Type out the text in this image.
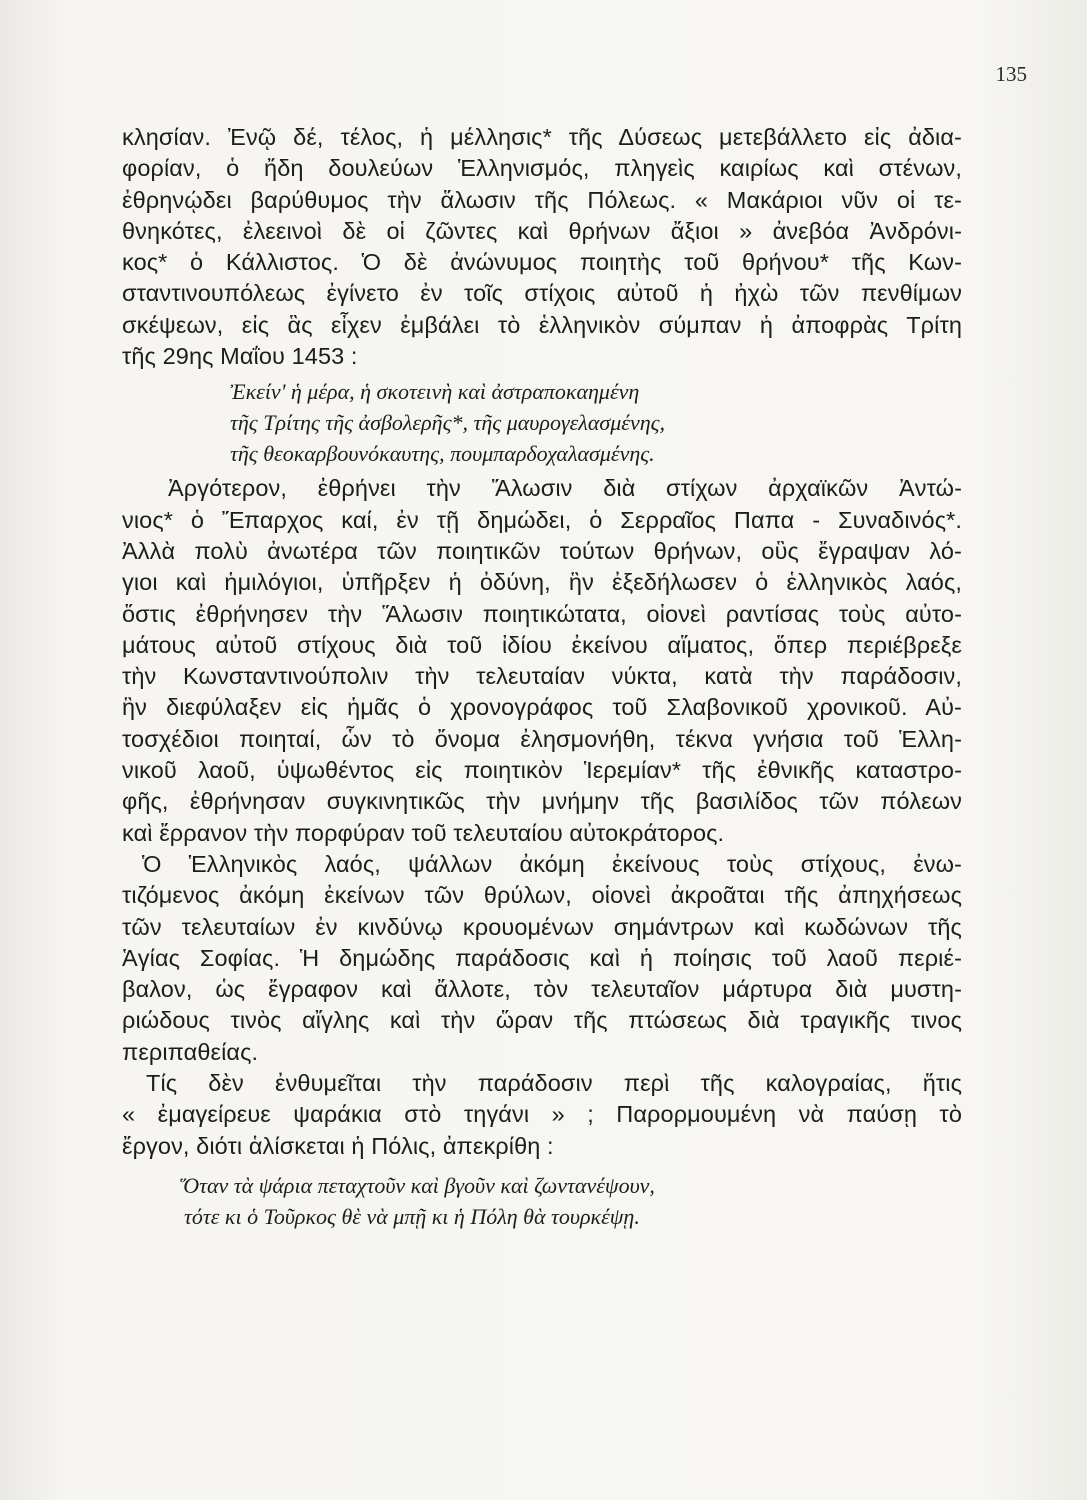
135
κλησίαν. Ἐνῷ δέ, τέλος, ἡ μέλλησις* τῆς Δύσεως μετεβάλλετο εἰς ἀδια-
φορίαν, ὁ ἤδη δουλεύων Ἑλληνισμός, πληγεὶς καιρίως καὶ στένων,
ἐθρηνῴδει βαρύθυμος τὴν ἅλωσιν τῆς Πόλεως. « Μακάριοι νῦν οἱ τε-
θνηκότες, ἐλεεινοὶ δὲ οἱ ζῶντες καὶ θρήνων ἄξιοι » ἀνεβόα Ἀνδρόνι-
κος* ὁ Κάλλιστος. Ὁ δὲ ἀνώνυμος ποιητὴς τοῦ θρήνου* τῆς Κων-
σταντινουπόλεως ἐγίνετο ἐν τοῖς στίχοις αὐτοῦ ἡ ἠχὼ τῶν πενθίμων
σκέψεων, εἰς ἃς εἶχεν ἐμβάλει τὸ ἑλληνικὸν σύμπαν ἡ ἀποφρὰς Τρίτη
τῆς 29ης Μαΐου 1453 :
Ἐκείν' ἡ μέρα, ἡ σκοτεινὴ καὶ ἀστραποκαημένη
τῆς Τρίτης τῆς ἀσβολερῆς*, τῆς μαυρογελασμένης,
τῆς θεοκαρβουνόκαυτης, πουμπαρδοχαλασμένης.
Ἀργότερον, ἐθρήνει τὴν Ἅλωσιν διὰ στίχων ἀρχαϊκῶν Ἀντώ-
νιος* ὁ Ἔπαρχος καί, ἐν τῇ δημώδει, ὁ Σερραῖος Παπα - Συναδινός*.
Ἀλλὰ πολὺ ἀνωτέρα τῶν ποιητικῶν τούτων θρήνων, οὓς ἔγραψαν λό-
γιοι καὶ ἡμιλόγιοι, ὑπῆρξεν ἡ ὀδύνη, ἣν ἐξεδήλωσεν ὁ ἑλληνικὸς λαός,
ὅστις ἐθρήνησεν τὴν Ἅλωσιν ποιητικώτατα, οἱονεὶ ραντίσας τοὺς αὐτο-
μάτους αὐτοῦ στίχους διὰ τοῦ ἰδίου ἐκείνου αἵματος, ὅπερ περιέβρεξε
τὴν Κωνσταντινούπολιν τὴν τελευταίαν νύκτα, κατὰ τὴν παράδοσιν,
ἣν διεφύλαξεν εἰς ἡμᾶς ὁ χρονογράφος τοῦ Σλαβονικοῦ χρονικοῦ. Αὐ-
τοσχέδιοι ποιηταί, ὧν τὸ ὄνομα ἐλησμονήθη, τέκνα γνήσια τοῦ Ἑλλη-
νικοῦ λαοῦ, ὑψωθέντος εἰς ποιητικὸν Ἱερεμίαν* τῆς ἐθνικῆς καταστρο-
φῆς, ἐθρήνησαν συγκινητικῶς τὴν μνήμην τῆς βασιλίδος τῶν πόλεων
καὶ ἔρρανον τὴν πορφύραν τοῦ τελευταίου αὐτοκράτορος.
Ὁ Ἑλληνικὸς λαός, ψάλλων ἀκόμη ἐκείνους τοὺς στίχους, ἐνω-
τιζόμενος ἀκόμη ἐκείνων τῶν θρύλων, οἱονεὶ ἀκροᾶται τῆς ἀπηχήσεως
τῶν τελευταίων ἐν κινδύνῳ κρουομένων σημάντρων καὶ κωδώνων τῆς
Ἁγίας Σοφίας. Ἡ δημώδης παράδοσις καὶ ἡ ποίησις τοῦ λαοῦ περιέ-
βαλον, ὡς ἔγραφον καὶ ἄλλοτε, τὸν τελευταῖον μάρτυρα διὰ μυστη-
ριώδους τινὸς αἴγλης καὶ τὴν ὥραν τῆς πτώσεως διὰ τραγικῆς τινος
περιπαθείας.
Τίς δὲν ἐνθυμεῖται τὴν παράδοσιν περὶ τῆς καλογραίας, ἥτις
« ἐμαγείρευε ψαράκια στὸ τηγάνι » ; Παρορμουμένη νὰ παύσῃ τὸ
ἔργον, διότι ἁλίσκεται ἡ Πόλις, ἀπεκρίθη :
Ὅταν τὰ ψάρια πεταχτοῦν καὶ βγοῦν καὶ ζωντανέψουν,
τότε κι ὁ Τοῦρκος θὲ νὰ μπῇ κι ἡ Πόλη θὰ τουρκέψῃ.
